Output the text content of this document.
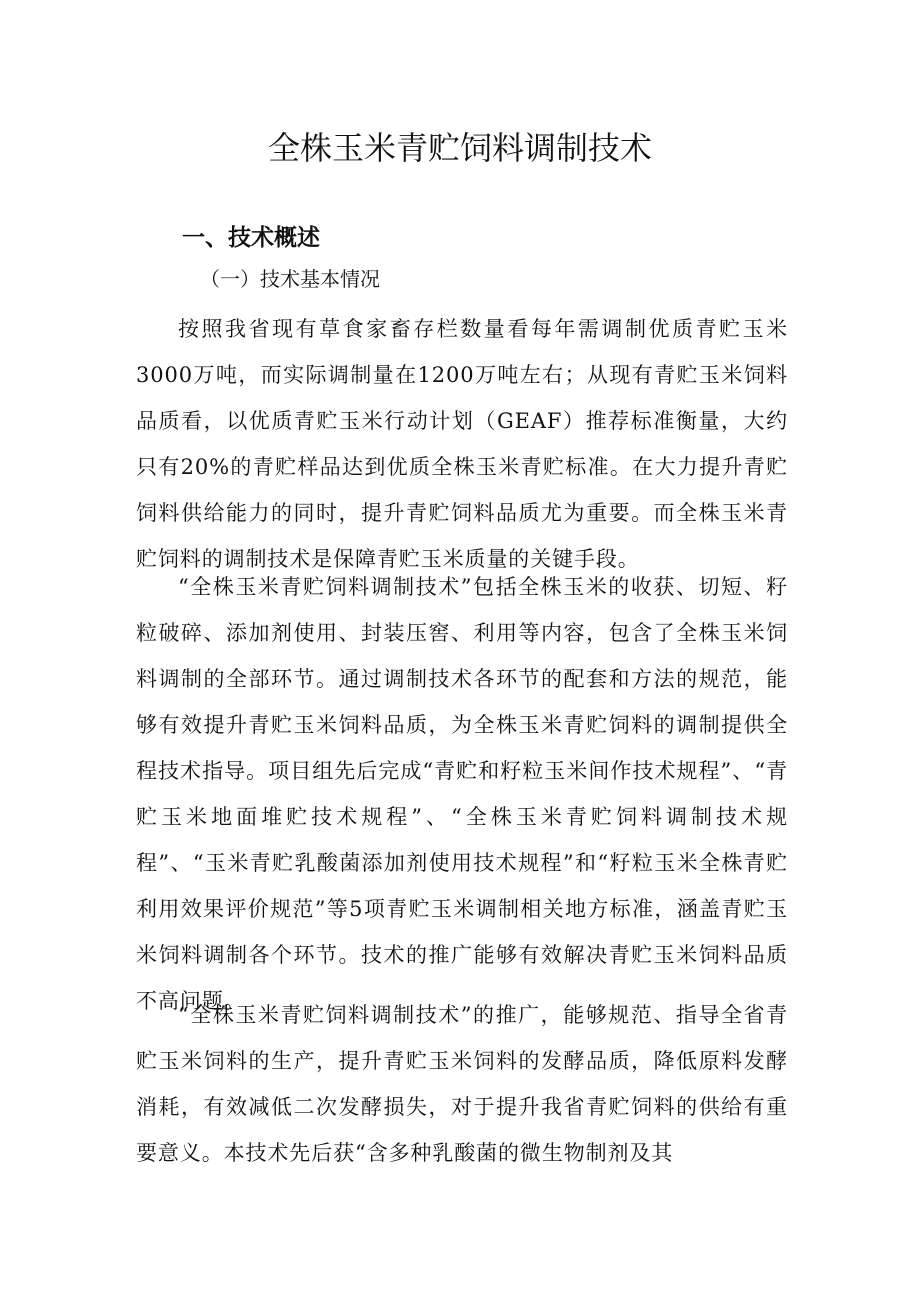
全株玉米青贮饲料调制技术
一、技术概述
（一）技术基本情况

按照我省现有草食家畜存栏数量看每年需调制优质青贮玉米3000万吨，而实际调制量在1200万吨左右；从现有青贮玉米饲料品质看，以优质青贮玉米行动计划（GEAF）推荐标准衡量，大约只有20%的青贮样品达到优质全株玉米青贮标准。在大力提升青贮饲料供给能力的同时，提升青贮饲料品质尤为重要。而全株玉米青贮饲料的调制技术是保障青贮玉米质量的关键手段。

“全株玉米青贮饲料调制技术”包括全株玉米的收获、切短、籽粒破碎、添加剂使用、封装压窖、利用等内容，包含了全株玉米饲料调制的全部环节。通过调制技术各环节的配套和方法的规范，能够有效提升青贮玉米饲料品质，为全株玉米青贮饲料的调制提供全程技术指导。项目组先后完成“青贮和籽粒玉米间作技术规程”、“青贮玉米地面堆贮技术规程”、“全株玉米青贮饲料调制技术规程”、“玉米青贮乳酸菌添加剂使用技术规程”和“籽粒玉米全株青贮利用效果评价规范”等5项青贮玉米调制相关地方标准，涵盖青贮玉米饲料调制各个环节。技术的推广能够有效解决青贮玉米饲料品质不高问题。

“全株玉米青贮饲料调制技术”的推广，能够规范、指导全省青贮玉米饲料的生产，提升青贮玉米饲料的发酵品质，降低原料发酵消耗，有效减低二次发酵损失，对于提升我省青贮饲料的供给有重要意义。本技术先后获“含多种乳酸菌的微生物制剂及其
